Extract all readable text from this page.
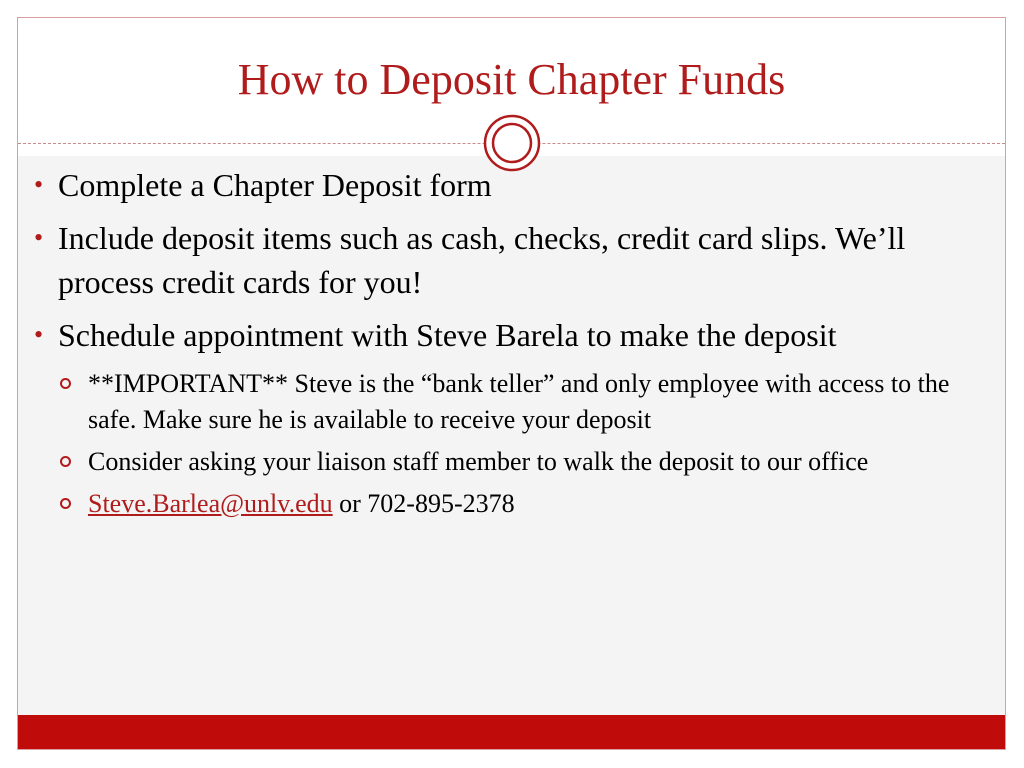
How to Deposit Chapter Funds
• Complete a Chapter Deposit form
• Include deposit items such as cash, checks, credit card slips. We’ll process credit cards for you!
• Schedule appointment with Steve Barela to make the deposit
**IMPORTANT** Steve is the “bank teller” and only employee with access to the safe. Make sure he is available to receive your deposit
Consider asking your liaison staff member to walk the deposit to our office
Steve.Barlea@unlv.edu or 702-895-2378
